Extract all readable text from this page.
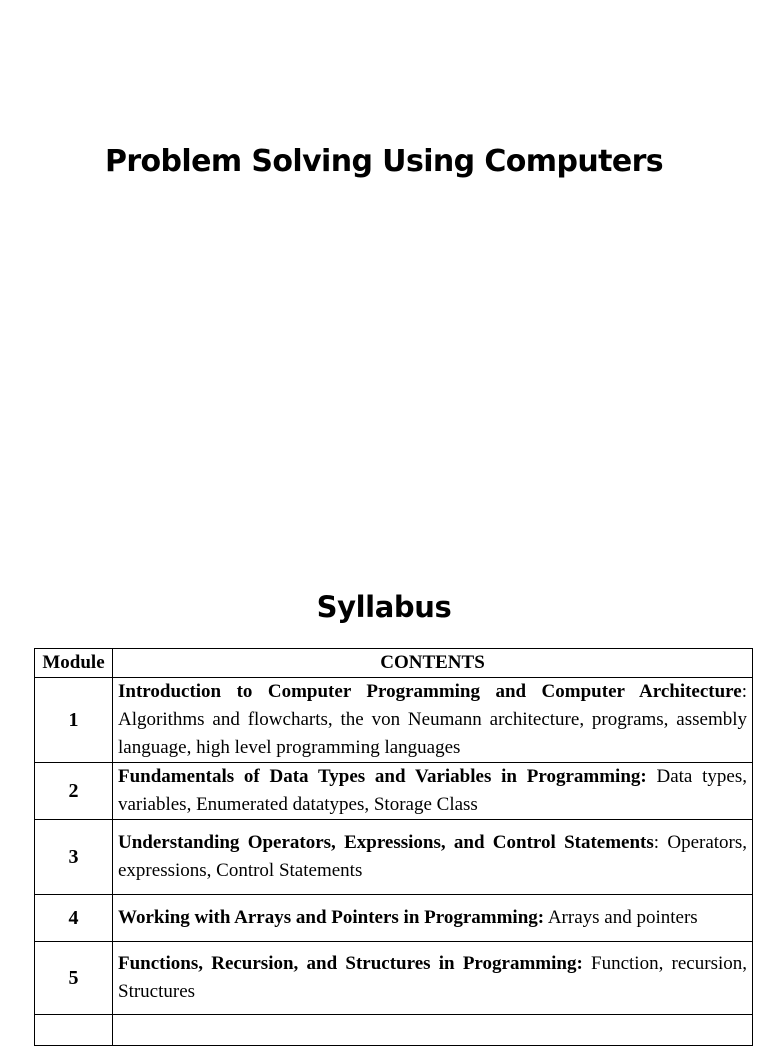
Problem Solving Using Computers
Syllabus
Module	CONTENTS
1	Introduction to Computer Programming and Computer Architecture: Algorithms and flowcharts, the von Neumann architecture, programs, assembly language, high level programming languages
2	Fundamentals of Data Types and Variables in Programming: Data types, variables, Enumerated datatypes, Storage Class
3	Understanding Operators, Expressions, and Control Statements: Operators, expressions, Control Statements
4	Working with Arrays and Pointers in Programming: Arrays and pointers
5	Functions, Recursion, and Structures in Programming: Function, recursion, Structures
